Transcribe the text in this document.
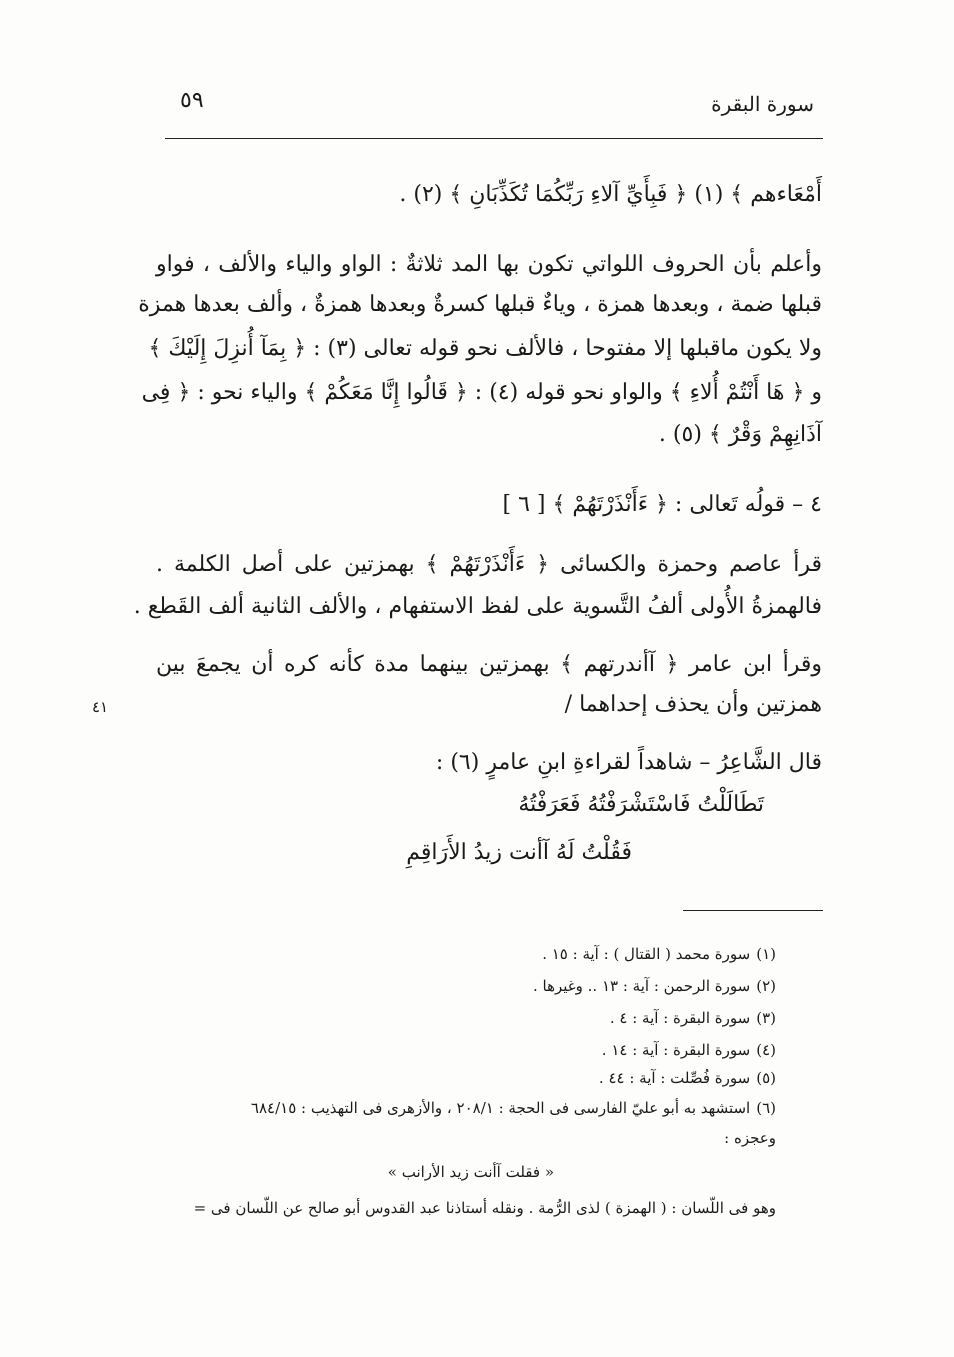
سورة البقرة
٥٩
أَمْعَاءهم ﴾ (١) ﴿ فَبِأَيِّ آلاءِ رَبِّكُمَا تُكَذِّبَانِ ﴾ (٢) .
وأعلم بأن الحروف اللواتي تكون بها المد ثلاثةٌ : الواو والياء والألف ، فواو
قبلها ضمة ، وبعدها همزة ، وياءٌ قبلها كسرةٌ وبعدها همزةٌ ، وألف بعدها همزة
ولا يكون ماقبلها إلا مفتوحا ، فالألف نحو قوله تعالى (٣) : ﴿ بِمَآ أُنزِلَ إِلَيْكَ ﴾
و ﴿ هَا أَنْتُمْ أُلاءِ ﴾ والواو نحو قوله (٤) : ﴿ قَالُوا إِنَّا مَعَكُمْ ﴾ والياء نحو : ﴿ فِى
آذَانِهِمْ وَقْرٌ ﴾ (٥) .
٤ – قولُه تَعالى : ﴿ ءَأَنْذَرْتَهُمْ ﴾ [ ٦ ]
قرأ عاصم وحمزة والكسائى ﴿ ءَأَنْذَرْتَهُمْ ﴾ بهمزتين على أصل الكلمة .
فالهمزةُ الأُولى ألفُ التَّسوية على لفظ الاستفهام ، والألف الثانية ألف القَطع .
وقرأ ابن عامر ﴿ آأندرتهم ﴾ بهمزتين بينهما مدة كأنه كره أن يجمعَ بين
همزتين وأن يحذف إحداهما /
٤١
قال الشَّاعِرُ – شاهداً لقراءةِ ابنِ عامرٍ (٦) :
تَطَالَلْتُ فَاسْتَشْرَفْتُهُ فَعَرَفْتُهُ
فَقُلْتُ لَهُ آأنت زيدُ الأَرَاقِمِ
(١)سورة محمد ( القتال ) : آية : ١٥ .
(٢)سورة الرحمن : آية : ١٣ .. وغيرها .
(٣)سورة البقرة : آية : ٤ .
(٤)سورة البقرة : آية : ١٤ .
(٥)سورة فُصِّلت : آية : ٤٤ .
(٦)استشهد به أبو عليّ الفارسى فى الحجة : ٢٠٨/١ ، والأزهرى فى التهذيب : ٦٨٤/١٥
وعجزه :
« فقلت آأنت زيد الأرانب »
وهو فى اللّسان : ( الهمزة ) لذى الرُّمة . ونقله أستاذنا عبد القدوس أبو صالح عن اللّسان فى =
